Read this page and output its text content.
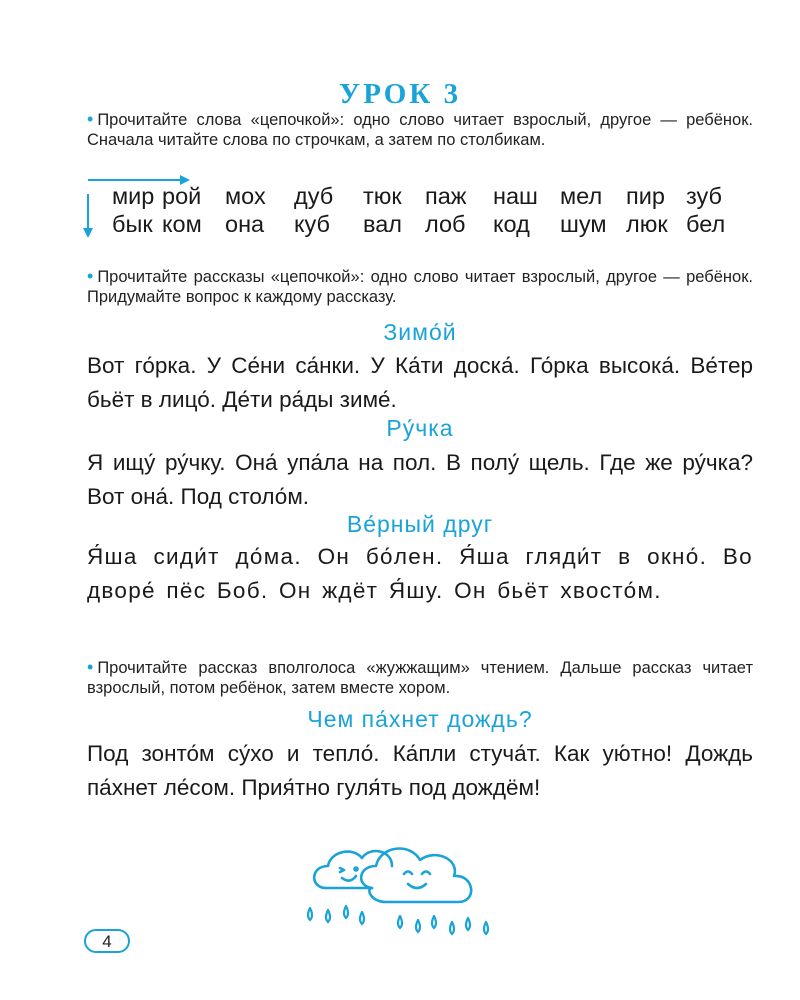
УРОК 3
• Прочитайте слова «цепочкой»: одно слово читает взрослый, другое — ребёнок. Сначала читайте слова по строчкам, а затем по столбикам.
мир рой мох дуб тюк паж наш мел пир зуб
бык ком она куб вал лоб код шум люк бел
• Прочитайте рассказы «цепочкой»: одно слово читает взрослый, другое — ребёнок. Придумайте вопрос к каждому рассказу.
Зимо́й
Вот го́рка. У Се́ни са́нки. У Ка́ти доска́. Го́рка высока́. Ве́тер бьёт в лицо́. Де́ти ра́ды зиме́.
Ру́чка
Я ищу́ ру́чку. Она́ упа́ла на пол. В полу́ щель. Где же ру́чка? Вот она́. Под столо́м.
Ве́рный друг
Я́ша сиди́т до́ма. Он бо́лен. Я́ша гляди́т в окно́. Во дворе́ пёс Боб. Он ждёт Я́шу. Он бьёт хвосто́м.
• Прочитайте рассказ вполголоса «жужжащим» чтением. Дальше рассказ читает взрослый, потом ребёнок, затем вместе хором.
Чем па́хнет дождь?
Под зонто́м су́хо и тепло́. Ка́пли стуча́т. Как ую́тно! Дождь па́хнет ле́сом. Прия́тно гуля́ть под дождём!
4
